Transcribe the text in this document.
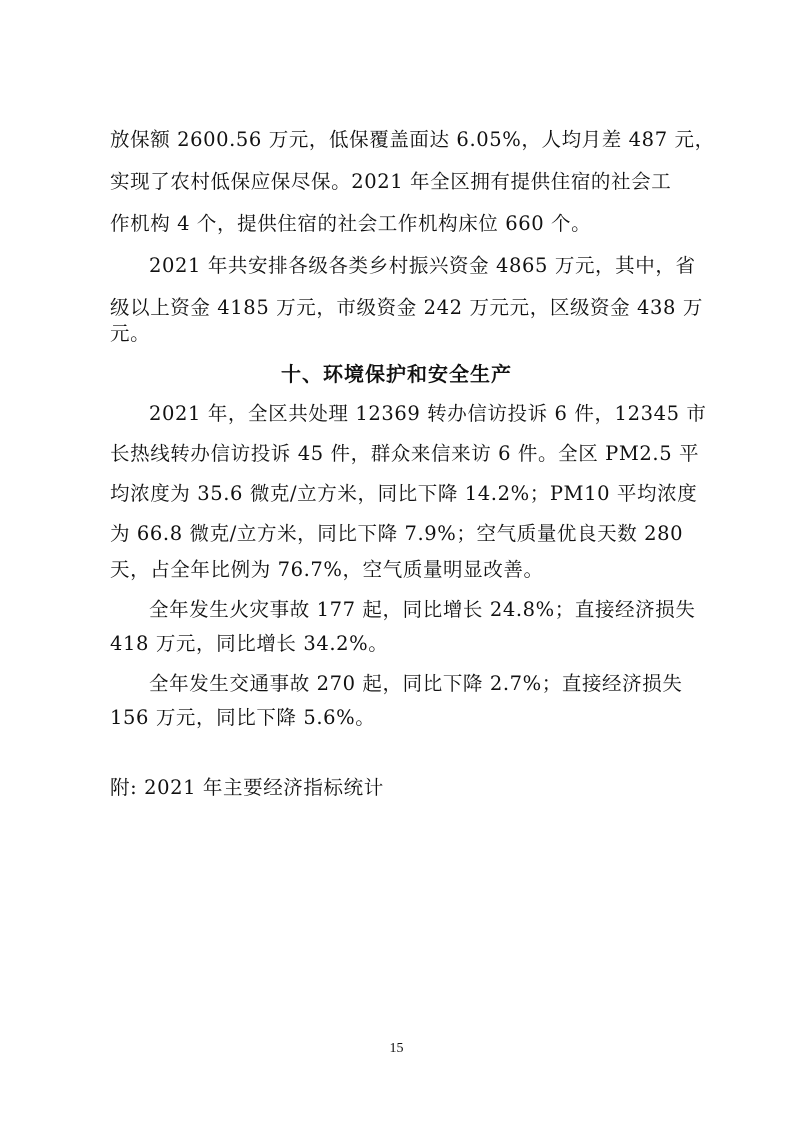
放保额 2600.56 万元，低保覆盖面达 6.05%，人均月差 487 元，
实现了农村低保应保尽保。2021 年全区拥有提供住宿的社会工
作机构 4 个，提供住宿的社会工作机构床位 660 个。
2021 年共安排各级各类乡村振兴资金 4865 万元，其中，省
级以上资金 4185 万元，市级资金 242 万元元，区级资金 438 万
元。
十、环境保护和安全生产
2021 年，全区共处理 12369 转办信访投诉 6 件，12345 市
长热线转办信访投诉 45 件，群众来信来访 6 件。全区 PM2.5 平
均浓度为 35.6 微克/立方米，同比下降 14.2%；PM10 平均浓度
为 66.8 微克/立方米，同比下降 7.9%；空气质量优良天数 280
天，占全年比例为 76.7%，空气质量明显改善。
全年发生火灾事故 177 起，同比增长 24.8%；直接经济损失
418 万元，同比增长 34.2%。
全年发生交通事故 270 起，同比下降 2.7%；直接经济损失
156 万元，同比下降 5.6%。
附: 2021 年主要经济指标统计
15
